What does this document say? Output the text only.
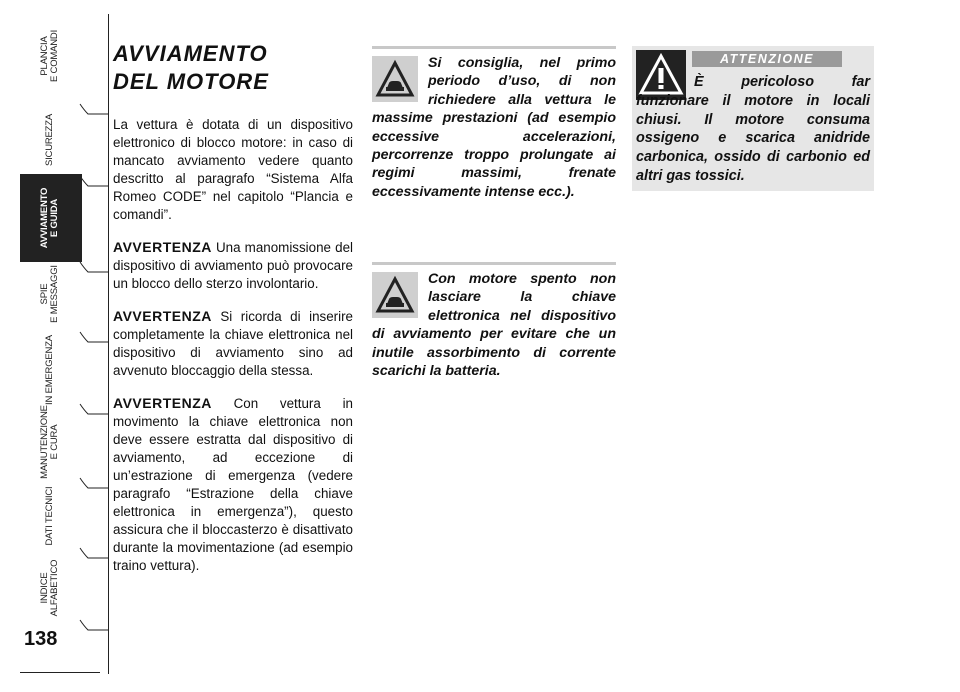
PLANCIA
E COMANDI
SICUREZZA
AVVIAMENTO
E GUIDA
SPIE
E MESSAGGI
IN EMERGENZA
MANUTENZIONE
E CURA
DATI TECNICI
INDICE
ALFABETICO
138
AVVIAMENTO
DEL MOTORE

La vettura è dotata di un dispositivo elettronico di blocco motore: in caso di mancato avviamento vedere quanto descritto al paragrafo “Sistema Alfa Romeo CODE” nel capitolo “Plancia e comandi”.

AVVERTENZA Una manomissione del dispositivo di avviamento può provocare un blocco dello sterzo involontario.

AVVERTENZA Si ricorda di inserire completamente la chiave elettronica nel dispositivo di avviamento sino ad avvenuto bloccaggio della stessa.

AVVERTENZA Con vettura in movimento la chiave elettronica non deve essere estratta dal dispositivo di avviamento, ad eccezione di un’estrazione di emergenza (vedere paragrafo “Estrazione della chiave elettronica in emergenza”), questo assicura che il bloccasterzo è disattivato durante la movimentazione (ad esempio traino vettura).

Si consiglia, nel primo periodo d’uso, di non richiedere alla vettura le massime prestazioni (ad esempio eccessive accelerazioni, percorrenze troppo prolungate ai regimi massimi, frenate eccessivamente intense ecc.).
Con motore spento non lasciare la chiave elettronica nel dispositivo di avviamento per evitare che un inutile assorbimento di corrente scarichi la batteria.
ATTENZIONE
È pericoloso far funzionare il motore in locali chiusi. Il motore consuma ossigeno e scarica anidride carbonica, ossido di carbonio ed altri gas tossici.
